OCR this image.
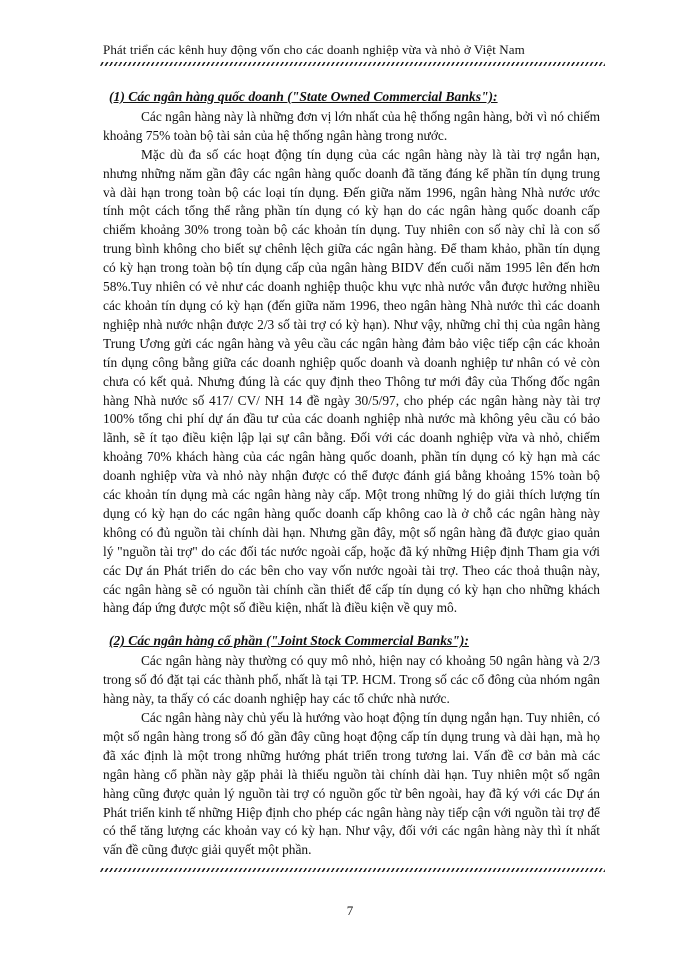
Phát triển các kênh huy động vốn cho các doanh nghiệp vừa và nhỏ ở Việt Nam

(1) Các ngân hàng quốc doanh ("State Owned Commercial Banks"):

Các ngân hàng này là những đơn vị lớn nhất của hệ thống ngân hàng, bởi vì nó chiếm khoảng 75% toàn bộ tài sản của hệ thống ngân hàng trong nước.

Mặc dù đa số các hoạt động tín dụng của các ngân hàng này là tài trợ ngắn hạn, nhưng những năm gần đây các ngân hàng quốc doanh đã tăng đáng kể phần tín dụng trung và dài hạn trong toàn bộ các loại tín dụng. Đến giữa năm 1996, ngân hàng Nhà nước ước tính một cách tổng thể rằng phần tín dụng có kỳ hạn do các ngân hàng quốc doanh cấp chiếm khoảng 30% trong toàn bộ các khoản tín dụng. Tuy nhiên con số này chỉ là con số trung bình không cho biết sự chênh lệch giữa các ngân hàng. Để tham khảo, phần tín dụng có kỳ hạn trong toàn bộ tín dụng cấp của ngân hàng BIDV đến cuối năm 1995 lên đến hơn 58%.Tuy nhiên có vẻ như các doanh nghiệp thuộc khu vực nhà nước vẫn được hưởng nhiều các khoản tín dụng có kỳ hạn (đến giữa năm 1996, theo ngân hàng Nhà nước thì các doanh nghiệp nhà nước nhận được 2/3 số tài trợ có kỳ hạn). Như vậy, những chỉ thị của ngân hàng Trung Ương gửi các ngân hàng và yêu cầu các ngân hàng đảm bảo việc tiếp cận các khoản tín dụng công bằng giữa các doanh nghiệp quốc doanh và doanh nghiệp tư nhân có vẻ còn chưa có kết quả. Nhưng đúng là các quy định theo Thông tư mới đây của Thống đốc ngân hàng Nhà nước số 417/ CV/ NH 14 đề ngày 30/5/97, cho phép các ngân hàng này tài trợ 100% tổng chi phí dự án đầu tư của các doanh nghiệp nhà nước mà không yêu cầu có bảo lãnh, sẽ ít tạo điều kiện lập lại sự cân bằng. Đối với các doanh nghiệp vừa và nhỏ, chiếm khoảng 70% khách hàng của các ngân hàng quốc doanh, phần tín dụng có kỳ hạn mà các doanh nghiệp vừa và nhỏ này nhận được có thể được đánh giá bằng khoảng 15% toàn bộ các khoản tín dụng mà các ngân hàng này cấp. Một trong những lý do giải thích lượng tín dụng có kỳ hạn do các ngân hàng quốc doanh cấp không cao là ở chỗ các ngân hàng này không có đủ nguồn tài chính dài hạn. Nhưng gần đây, một số ngân hàng đã được giao quản lý "nguồn tài trợ" do các đối tác nước ngoài cấp, hoặc đã ký những Hiệp định Tham gia với các Dự án Phát triển do các bên cho vay vốn nước ngoài tài trợ. Theo các thoả thuận này, các ngân hàng sẽ có nguồn tài chính cần thiết để cấp tín dụng có kỳ hạn cho những khách hàng đáp ứng được một số điều kiện, nhất là điều kiện về quy mô.

(2) Các ngân hàng cổ phần ("Joint Stock Commercial Banks"):

Các ngân hàng này thường có quy mô nhỏ, hiện nay có khoảng 50 ngân hàng và 2/3 trong số đó đặt tại các thành phố, nhất là tại TP. HCM. Trong số các cổ đông của nhóm ngân hàng này, ta thấy có các doanh nghiệp hay các tổ chức nhà nước.

Các ngân hàng này chủ yếu là hướng vào hoạt động tín dụng ngắn hạn. Tuy nhiên, có một số ngân hàng trong số đó gần đây cũng hoạt động cấp tín dụng trung và dài hạn, mà họ đã xác định là một trong những hướng phát triển trong tương lai. Vấn đề cơ bản mà các ngân hàng cổ phần này gặp phải là thiếu nguồn tài chính dài hạn. Tuy nhiên một số ngân hàng cũng được quản lý nguồn tài trợ có nguồn gốc từ bên ngoài, hay đã ký với các Dự án Phát triển kinh tế những Hiệp định cho phép các ngân hàng này tiếp cận với nguồn tài trợ để có thể tăng lượng các khoản vay có kỳ hạn. Như vậy, đối với các ngân hàng này thì ít nhất vấn đề cũng được giải quyết một phần.

7
